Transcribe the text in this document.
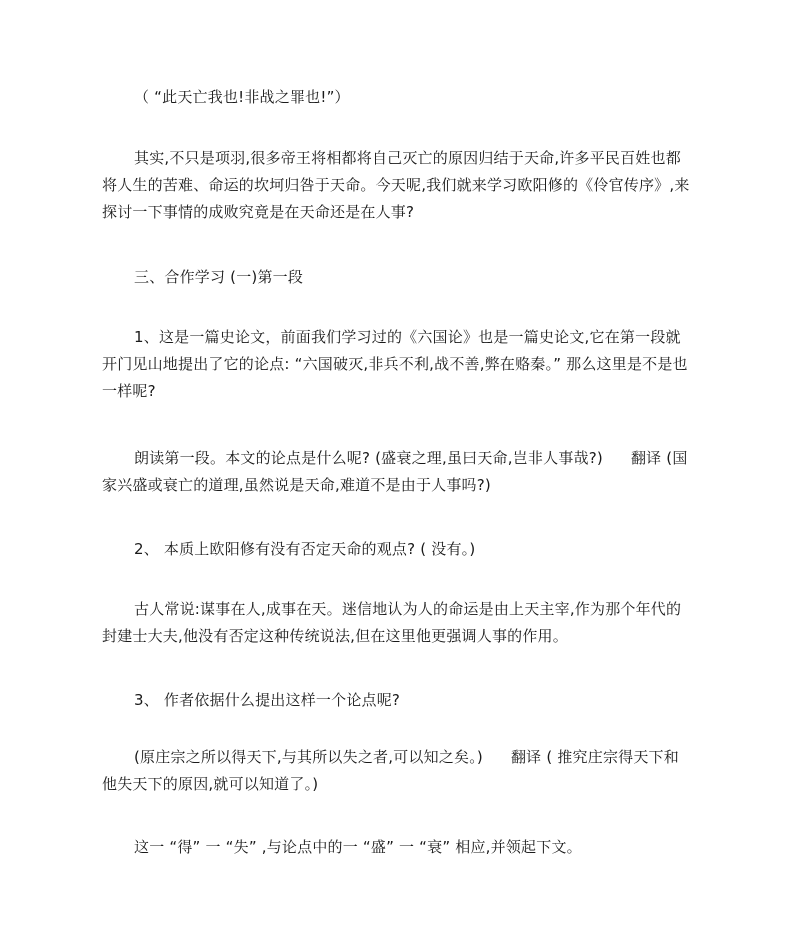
（ “此天亡我也!非战之罪也!”）

其实,不只是项羽,很多帝王将相都将自己灭亡的原因归结于天命,许多平民百姓也都将人生的苦难、命运的坎坷归咎于天命。今天呢,我们就来学习欧阳修的《伶官传序》,来探讨一下事情的成败究竟是在天命还是在人事?

三、合作学习 (一)第一段

1、这是一篇史论文，前面我们学习过的《六国论》也是一篇史论文,它在第一段就开门见山地提出了它的论点: “六国破灭,非兵不利,战不善,弊在赂秦。” 那么这里是不是也一样呢?

朗读第一段。本文的论点是什么呢? (盛衰之理,虽曰天命,岂非人事哉?) 翻译 (国家兴盛或衰亡的道理,虽然说是天命,难道不是由于人事吗?)

2、 本质上欧阳修有没有否定天命的观点? ( 没有。)

古人常说:谋事在人,成事在天。迷信地认为人的命运是由上天主宰,作为那个年代的封建士大夫,他没有否定这种传统说法,但在这里他更强调人事的作用。

3、 作者依据什么提出这样一个论点呢?

(原庄宗之所以得天下,与其所以失之者,可以知之矣。) 翻译 ( 推究庄宗得天下和他失天下的原因,就可以知道了。)

这一 “得” 一 “失” ,与论点中的一 “盛” 一 “衰” 相应,并领起下文。
